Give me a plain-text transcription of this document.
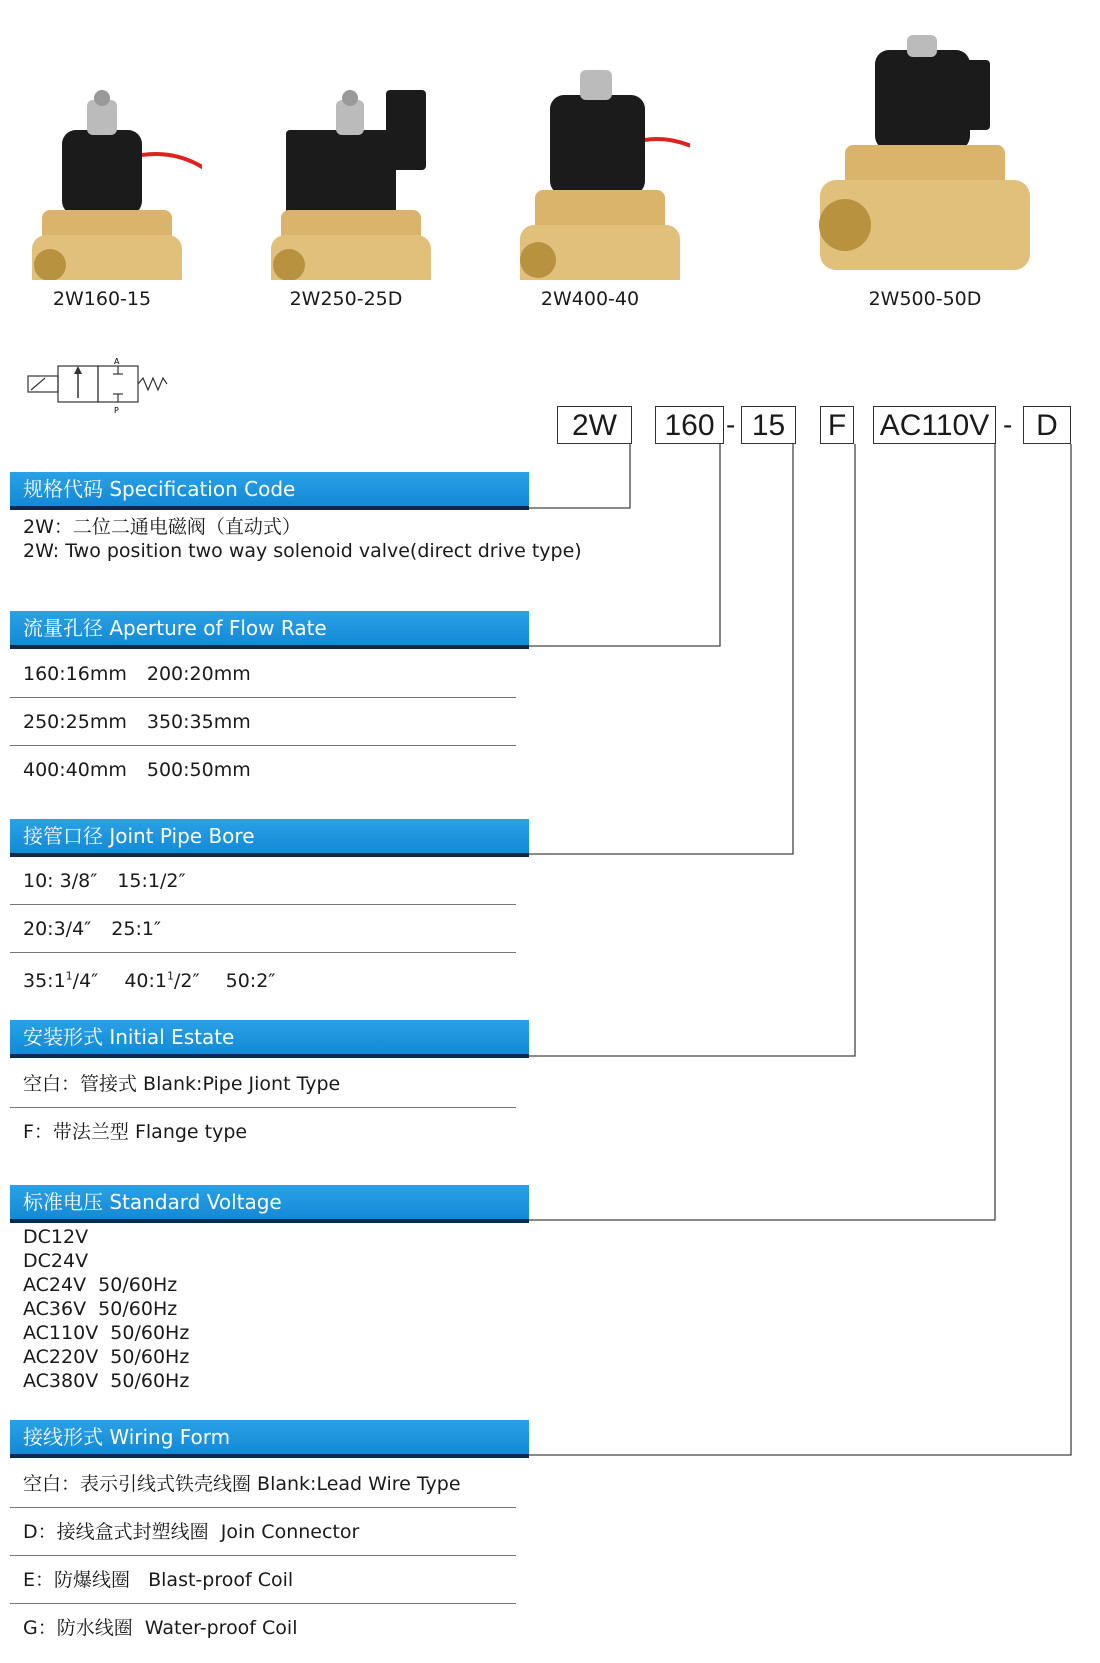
2W160-15	2W250-25D	2W400-40	2W500-50D
A
P	2W	160 - 15	F AC110V - D
规格代码 Specification Code
2W：二位二通电磁阀（直动式）
2W: Two position two way solenoid valve(direct drive type)
流量孔径 Aperture of Flow Rate
160:16mm 200:20mm
250:25mm 350:35mm
400:40mm 500:50mm
接管口径 Joint Pipe Bore
10: 3/8″ 15:1/2″
20:3/4″ 25:1″
$35:1^1/4''$ $40:1^1/2''$ 50:2″
安装形式 Initial Estate
空白：管接式 Blank:Pipe Jiont Type
F：带法兰型 Flange type
标准电压 Standard Voltage
DC12V
DC24V
AC24V  50/60Hz
AC36V  50/60Hz
AC110V  50/60Hz
AC220V  50/60Hz
AC380V  50/60Hz
接线形式 Wiring Form
空白：表示引线式铁壳线圈 Blank:Lead Wire Type
D：接线盒式封塑线圈  Join Connector
E：防爆线圈   Blast-proof Coil
G：防水线圈  Water-proof Coil
